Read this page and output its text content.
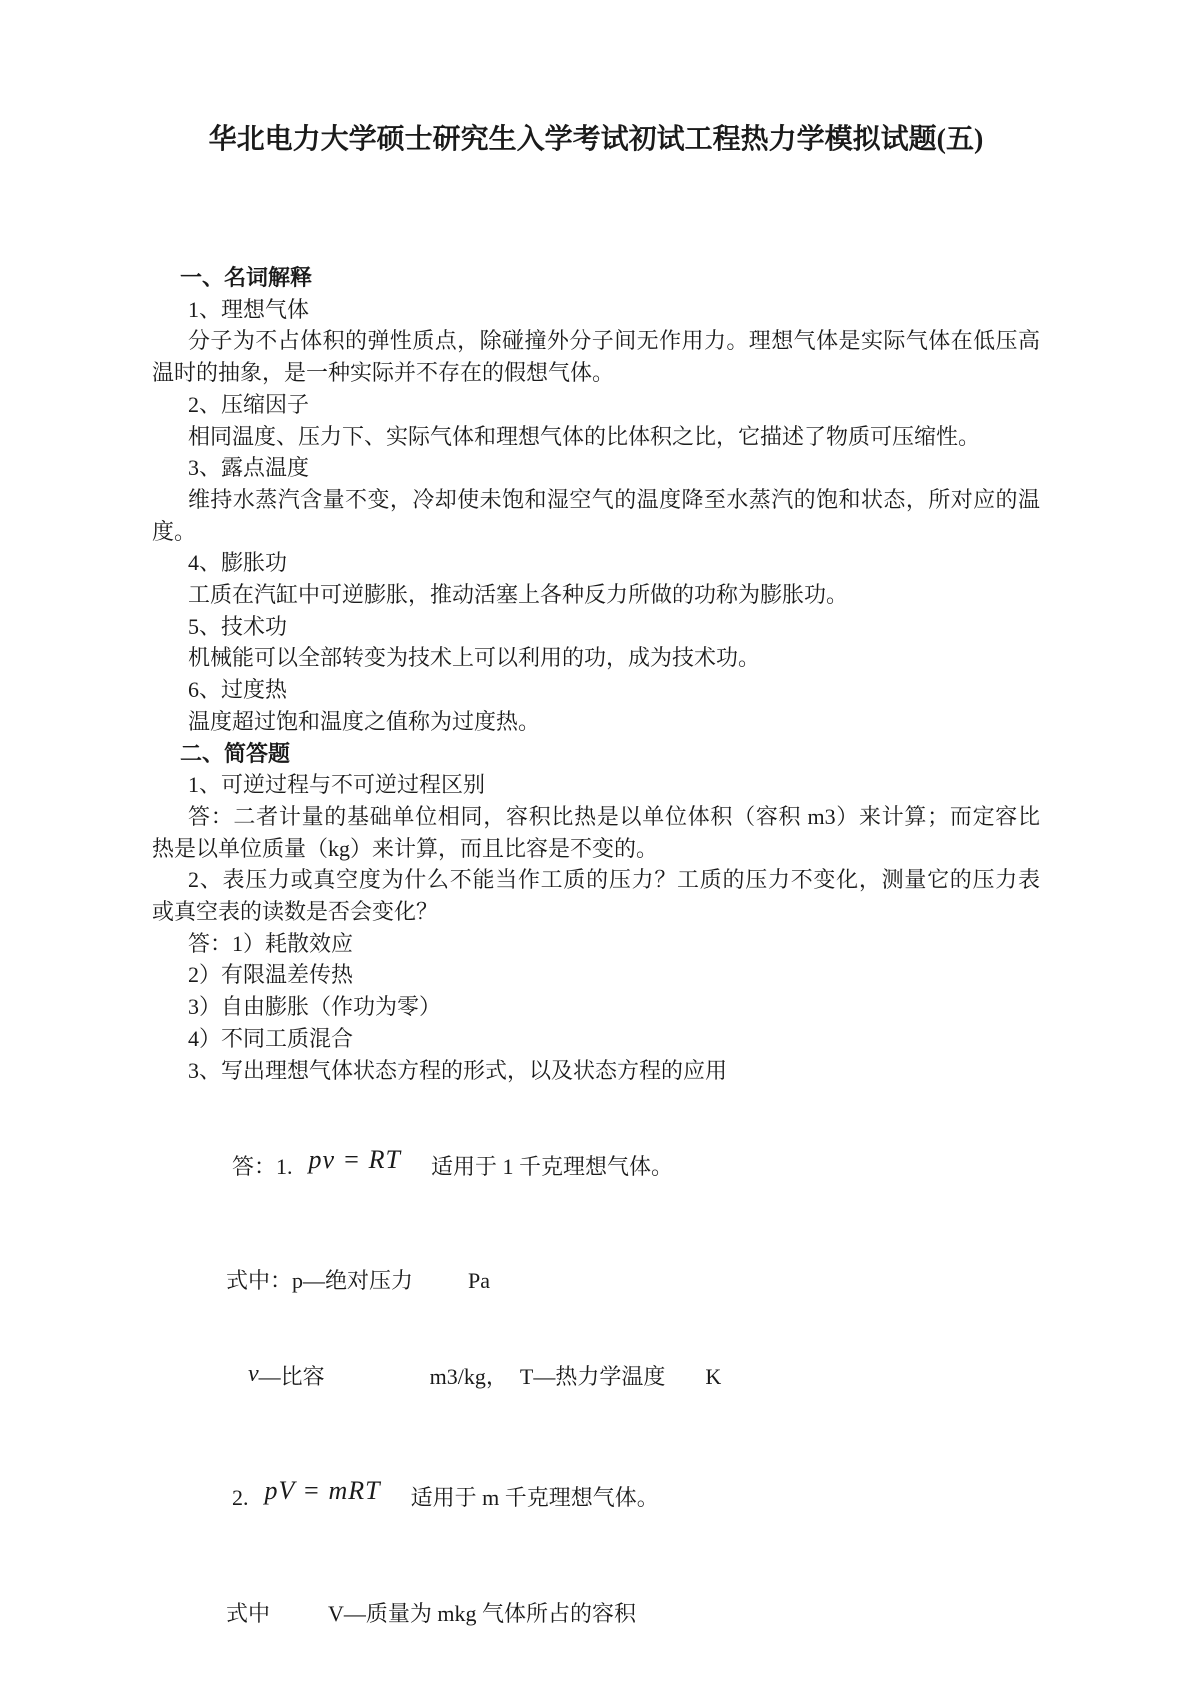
华北电力大学硕士研究生入学考试初试工程热力学模拟试题(五)
一、名词解释
1、理想气体
分子为不占体积的弹性质点，除碰撞外分子间无作用力。理想气体是实际气体在低压高
温时的抽象，是一种实际并不存在的假想气体。
2、压缩因子
相同温度、压力下、实际气体和理想气体的比体积之比，它描述了物质可压缩性。
3、露点温度
维持水蒸汽含量不变，冷却使未饱和湿空气的温度降至水蒸汽的饱和状态，所对应的温
度。
4、膨胀功
工质在汽缸中可逆膨胀，推动活塞上各种反力所做的功称为膨胀功。
5、技术功
机械能可以全部转变为技术上可以利用的功，成为技术功。
6、过度热
温度超过饱和温度之值称为过度热。
二、简答题
1、可逆过程与不可逆过程区别
答：二者计量的基础单位相同，容积比热是以单位体积（容积 m3）来计算；而定容比
热是以单位质量（kg）来计算，而且比容是不变的。
2、表压力或真空度为什么不能当作工质的压力？工质的压力不变化，测量它的压力表
或真空表的读数是否会变化？
答：1）耗散效应
2）有限温差传热
3）自由膨胀（作功为零）
4）不同工质混合
3、写出理想气体状态方程的形式，以及状态方程的应用

答：1. pv = RT 适用于 1 千克理想气体。

式中：p—绝对压力	Pa

v—比容	m3/kg， T—热力学温度 K

2. pV = mRT 适用于 m 千克理想气体。

式中	V—质量为 mkg 气体所占的容积
